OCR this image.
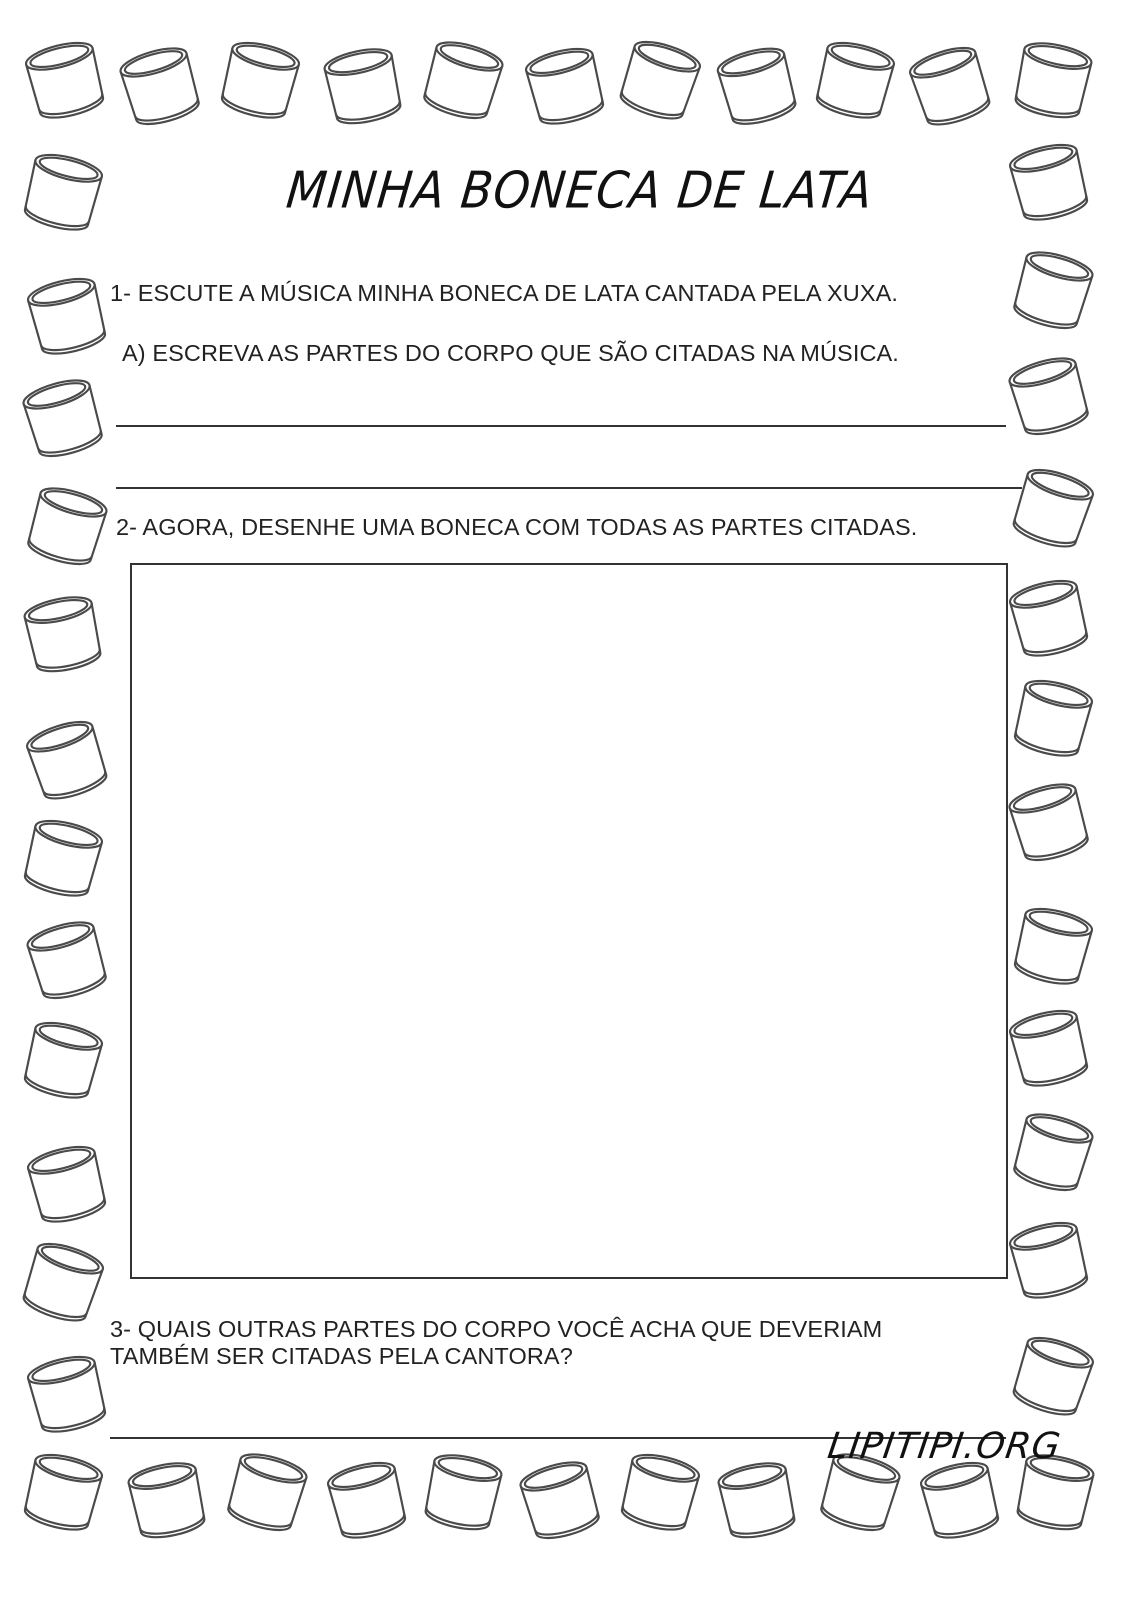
MINHA BONECA DE LATA
1- ESCUTE A MÚSICA MINHA BONECA DE LATA CANTADA PELA XUXA.
A) ESCREVA AS PARTES DO CORPO QUE SÃO CITADAS NA MÚSICA.
2- AGORA, DESENHE UMA BONECA COM TODAS AS PARTES CITADAS.
3- QUAIS OUTRAS PARTES DO CORPO VOCÊ ACHA QUE DEVERIAM
TAMBÉM SER CITADAS PELA CANTORA?
LIPITIPI.ORG
